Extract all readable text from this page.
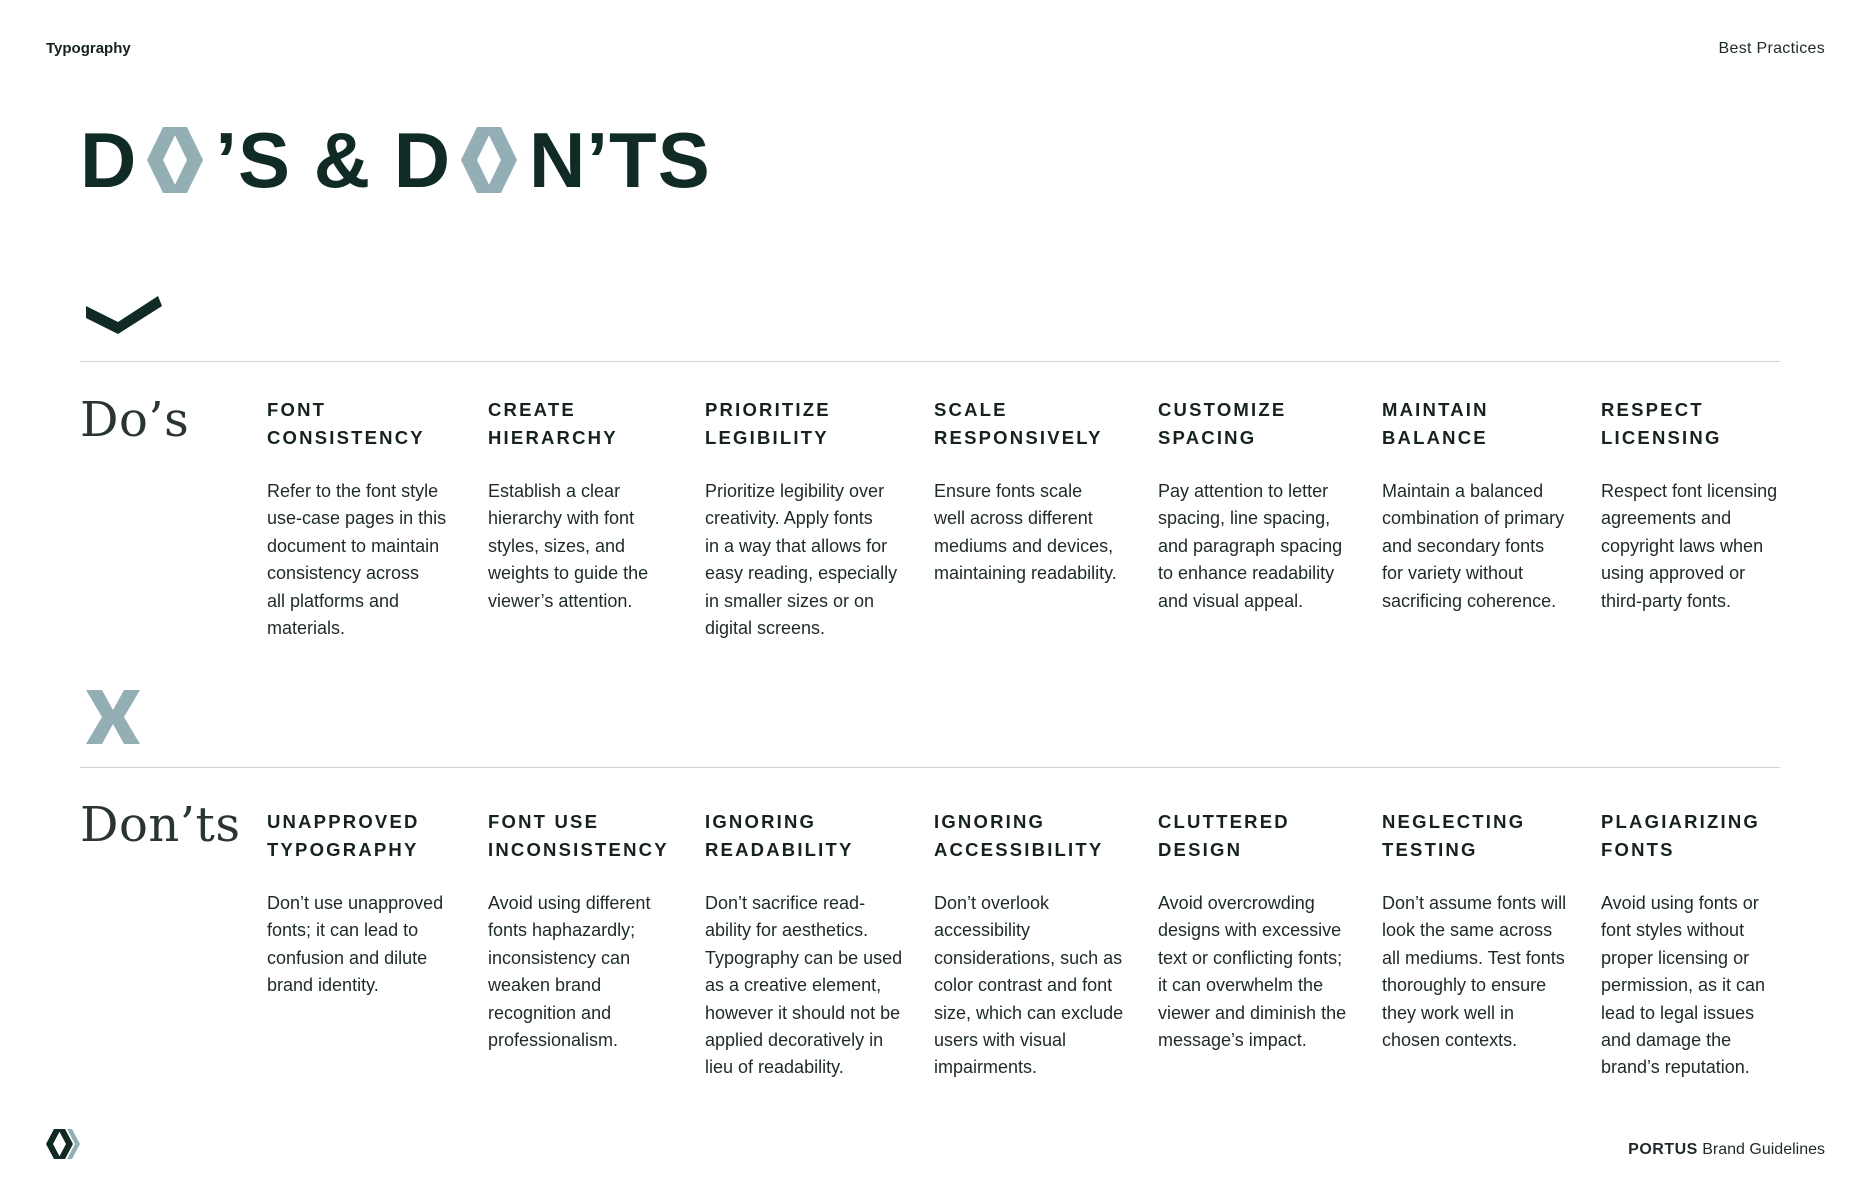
Typography	Best Practices
D ’S & D N’TS
Do’s
Don’ts
FONT
CONSISTENCY
Refer to the font style
use-case pages in this
document to maintain
consistency across
all platforms and
materials.
CREATE
HIERARCHY
Establish a clear
hierarchy with font
styles, sizes, and
weights to guide the
viewer’s attention.
PRIORITIZE
LEGIBILITY
Prioritize legibility over
creativity. Apply fonts
in a way that allows for
easy reading, especially
in smaller sizes or on
digital screens.
SCALE
RESPONSIVELY
Ensure fonts scale
well across different
mediums and devices,
maintaining readability.
CUSTOMIZE
SPACING
Pay attention to letter
spacing, line spacing,
and paragraph spacing
to enhance readability
and visual appeal.
MAINTAIN
BALANCE
Maintain a balanced
combination of primary
and secondary fonts
for variety without
sacrificing coherence.
RESPECT
LICENSING
Respect font licensing
agreements and
copyright laws when
using approved or
third-party fonts.
UNAPPROVED
TYPOGRAPHY
Don’t use unapproved
fonts; it can lead to
confusion and dilute
brand identity.
FONT USE
INCONSISTENCY
Avoid using different
fonts haphazardly;
inconsistency can
weaken brand
recognition and
professionalism.
IGNORING
READABILITY
Don’t sacrifice read-
ability for aesthetics.
Typography can be used
as a creative element,
however it should not be
applied decoratively in
lieu of readability.
IGNORING
ACCESSIBILITY
Don’t overlook
accessibility
considerations, such as
color contrast and font
size, which can exclude
users with visual
impairments.
CLUTTERED
DESIGN
Avoid overcrowding
designs with excessive
text or conflicting fonts;
it can overwhelm the
viewer and diminish the
message’s impact.
NEGLECTING
TESTING
Don’t assume fonts will
look the same across
all mediums. Test fonts
thoroughly to ensure
they work well in
chosen contexts.
PLAGIARIZING
FONTS
Avoid using fonts or
font styles without
proper licensing or
permission, as it can
lead to legal issues
and damage the
brand’s reputation.
PORTUS Brand Guidelines
